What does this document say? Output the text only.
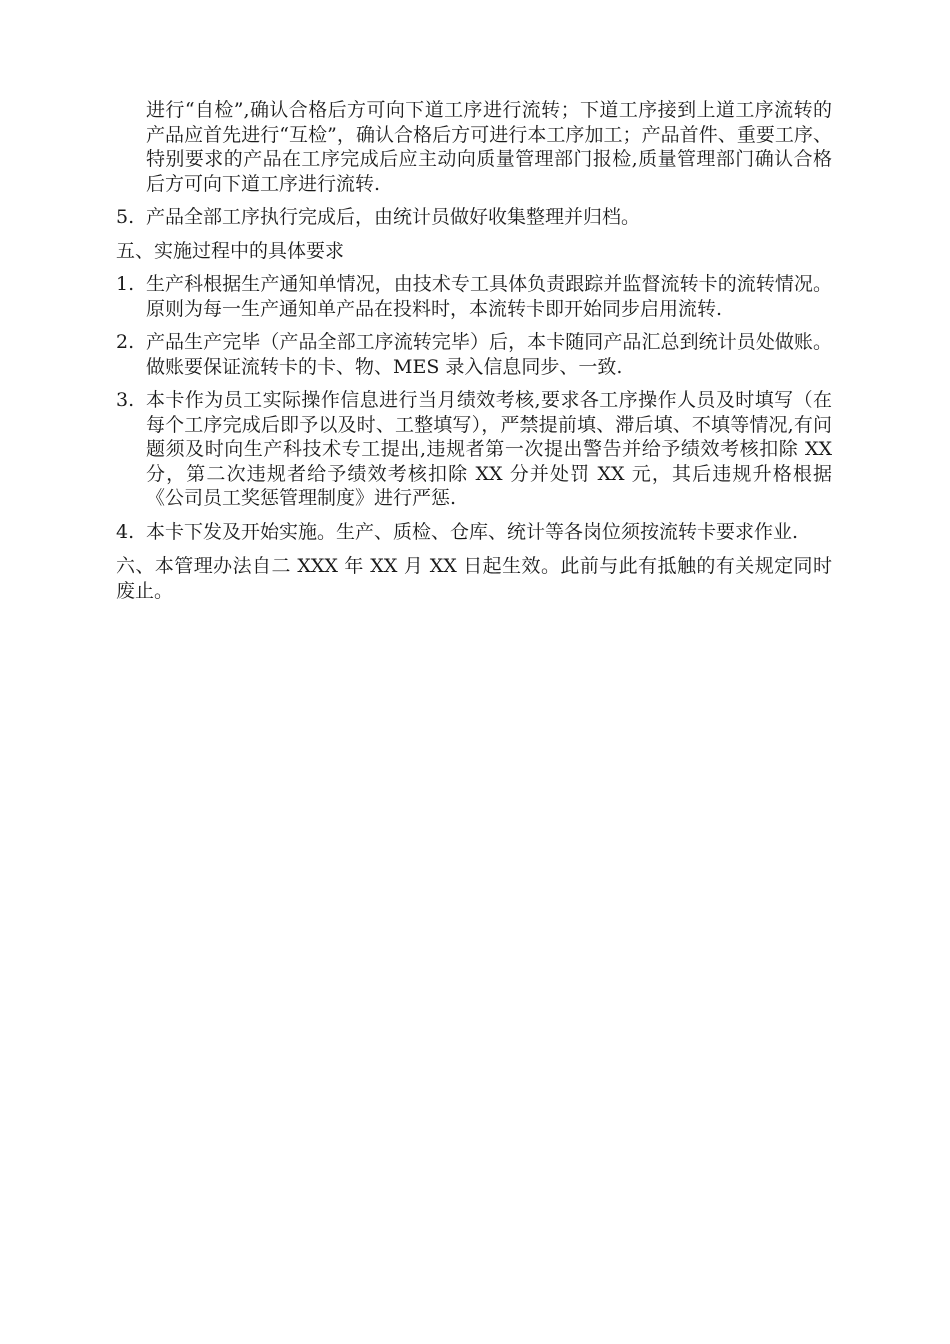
进行“自检”,确认合格后方可向下道工序进行流转；下道工序接到上道工序流转的产品应首先进行“互检”，确认合格后方可进行本工序加工；产品首件、重要工序、特别要求的产品在工序完成后应主动向质量管理部门报检,质量管理部门确认合格后方可向下道工序进行流转.
5. 产品全部工序执行完成后，由统计员做好收集整理并归档。
五、实施过程中的具体要求
1. 生产科根据生产通知单情况，由技术专工具体负责跟踪并监督流转卡的流转情况。原则为每一生产通知单产品在投料时，本流转卡即开始同步启用流转.
2. 产品生产完毕（产品全部工序流转完毕）后，本卡随同产品汇总到统计员处做账。做账要保证流转卡的卡、物、MES 录入信息同步、一致.
3. 本卡作为员工实际操作信息进行当月绩效考核,要求各工序操作人员及时填写（在每个工序完成后即予以及时、工整填写），严禁提前填、滞后填、不填等情况,有问题须及时向生产科技术专工提出,违规者第一次提出警告并给予绩效考核扣除 XX 分，第二次违规者给予绩效考核扣除 XX 分并处罚 XX 元，其后违规升格根据《公司员工奖惩管理制度》进行严惩.
4. 本卡下发及开始实施。生产、质检、仓库、统计等各岗位须按流转卡要求作业.
六、本管理办法自二 XXX 年 XX 月 XX 日起生效。此前与此有抵触的有关规定同时废止。
